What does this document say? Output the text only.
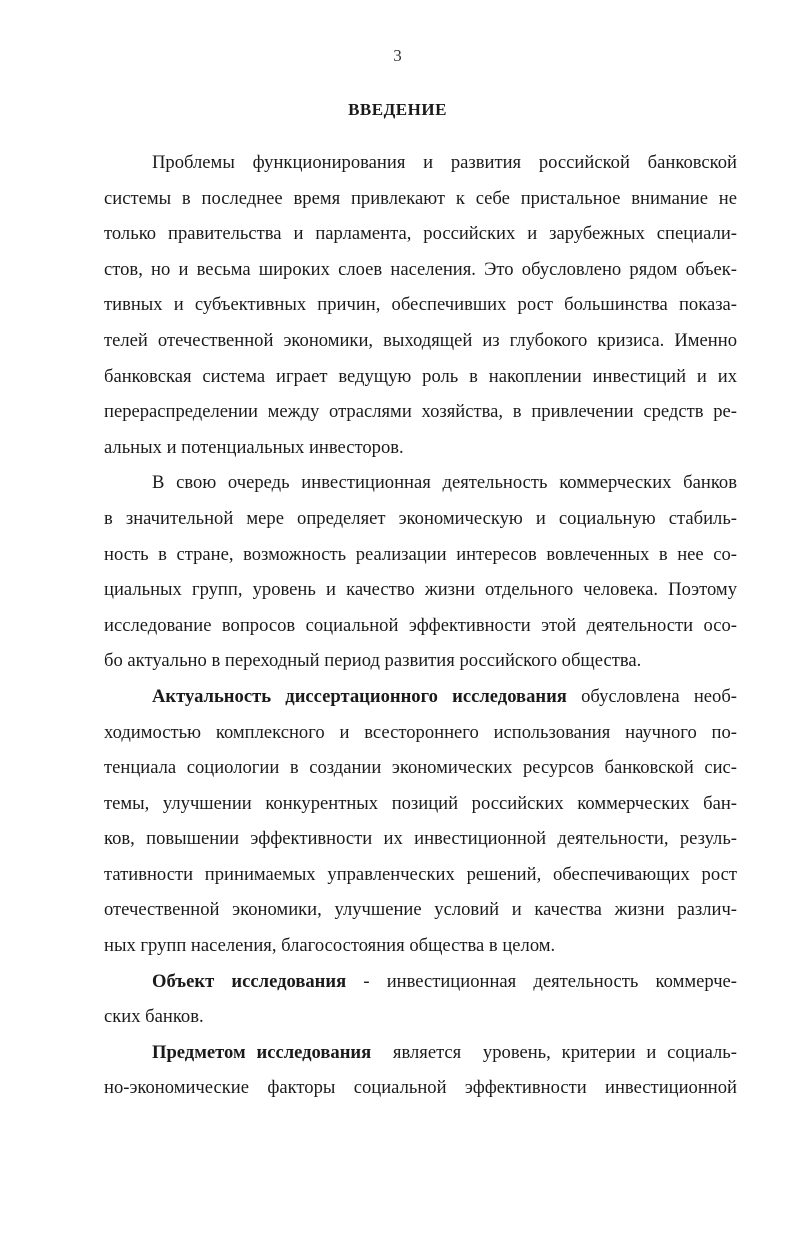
3
ВВЕДЕНИЕ
Проблемы функционирования и развития российской банковской
системы в последнее время привлекают к себе пристальное внимание не
только правительства и парламента, российских и зарубежных специали-
стов, но и весьма широких слоев населения. Это обусловлено рядом объек-
тивных и субъективных причин, обеспечивших рост большинства показа-
телей отечественной экономики, выходящей из глубокого кризиса. Именно
банковская система играет ведущую роль в накоплении инвестиций и их
перераспределении между отраслями хозяйства, в привлечении средств ре-
альных и потенциальных инвесторов.
В свою очередь инвестиционная деятельность коммерческих банков
в значительной мере определяет экономическую и социальную стабиль-
ность в стране, возможность реализации интересов вовлеченных в нее со-
циальных групп, уровень и качество жизни отдельного человека. Поэтому
исследование вопросов социальной эффективности этой деятельности осо-
бо актуально в переходный период развития российского общества.
Актуальность диссертационного исследования обусловлена необ-
ходимостью комплексного и всестороннего использования научного по-
тенциала социологии в создании экономических ресурсов банковской сис-
темы, улучшении конкурентных позиций российских коммерческих бан-
ков, повышении эффективности их инвестиционной деятельности, резуль-
тативности принимаемых управленческих решений, обеспечивающих рост
отечественной экономики, улучшение условий и качества жизни различ-
ных групп населения, благосостояния общества в целом.
Объект исследования - инвестиционная деятельность коммерче-
ских банков.
Предметом исследования  является  уровень, критерии и социаль-
но-экономические факторы социальной эффективности инвестиционной
